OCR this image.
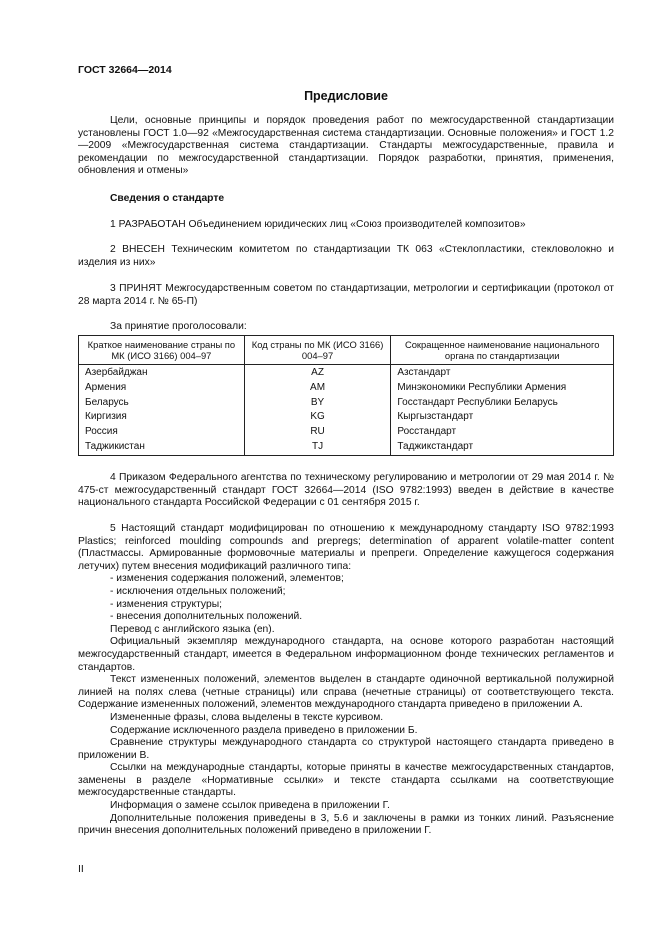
ГОСТ 32664—2014
Предисловие

Цели, основные принципы и порядок проведения работ по межгосударственной стандартизации установлены ГОСТ 1.0—92 «Межгосударственная система стандартизации. Основные положения» и ГОСТ 1.2—2009 «Межгосударственная система стандартизации. Стандарты межгосударственные, правила и рекомендации по межгосударственной стандартизации. Порядок разработки, принятия, применения, обновления и отмены»

Сведения о стандарте

1 РАЗРАБОТАН Объединением юридических лиц «Союз производителей композитов»

2 ВНЕСЕН Техническим комитетом по стандартизации ТК 063 «Стеклопластики, стекловолокно и изделия из них»

3 ПРИНЯТ Межгосударственным советом по стандартизации, метрологии и сертификации (протокол от 28 марта 2014 г. № 65-П)

За принятие проголосовали:

Краткое наименование страны по МК (ИСО 3166) 004–97	Код страны по МК (ИСО 3166) 004–97	Сокращенное наименование национального органа по стандартизации
Азербайджан	AZ	Азстандарт
Армения	AM	Минэкономики Республики Армения
Беларусь	BY	Госстандарт Республики Беларусь
Киргизия	KG	Кыргызстандарт
Россия	RU	Росстандарт
Таджикистан	TJ	Таджикстандарт

4 Приказом Федерального агентства по техническому регулированию и метрологии от 29 мая 2014 г. № 475-ст межгосударственный стандарт ГОСТ 32664—2014 (ISO 9782:1993) введен в действие в качестве национального стандарта Российской Федерации с 01 сентября 2015 г.

5 Настоящий стандарт модифицирован по отношению к международному стандарту ISO 9782:1993 Plastics; reinforced moulding compounds and prepregs; determination of apparent volatile-matter content (Пластмассы. Армированные формовочные материалы и препреги. Определение кажущегося содержания летучих) путем внесения модификаций различного типа:

- изменения содержания положений, элементов;

- исключения отдельных положений;

- изменения структуры;

- внесения дополнительных положений.

Перевод с английского языка (en).

Официальный экземпляр международного стандарта, на основе которого разработан настоящий межгосударственный стандарт, имеется в Федеральном информационном фонде технических регламентов и стандартов.

Текст измененных положений, элементов выделен в стандарте одиночной вертикальной полужирной линией на полях слева (четные страницы) или справа (нечетные страницы) от соответствующего текста. Содержание измененных положений, элементов международного стандарта приведено в приложении А.

Измененные фразы, слова выделены в тексте курсивом.

Содержание исключенного раздела приведено в приложении Б.

Сравнение структуры международного стандарта со структурой настоящего стандарта приведено в приложении В.

Ссылки на международные стандарты, которые приняты в качестве межгосударственных стандартов, заменены в разделе «Нормативные ссылки» и тексте стандарта ссылками на соответствующие межгосударственные стандарты.

Информация о замене ссылок приведена в приложении Г.

Дополнительные положения приведены в 3, 5.6 и заключены в рамки из тонких линий. Разъяснение причин внесения дополнительных положений приведено в приложении Г.

II
